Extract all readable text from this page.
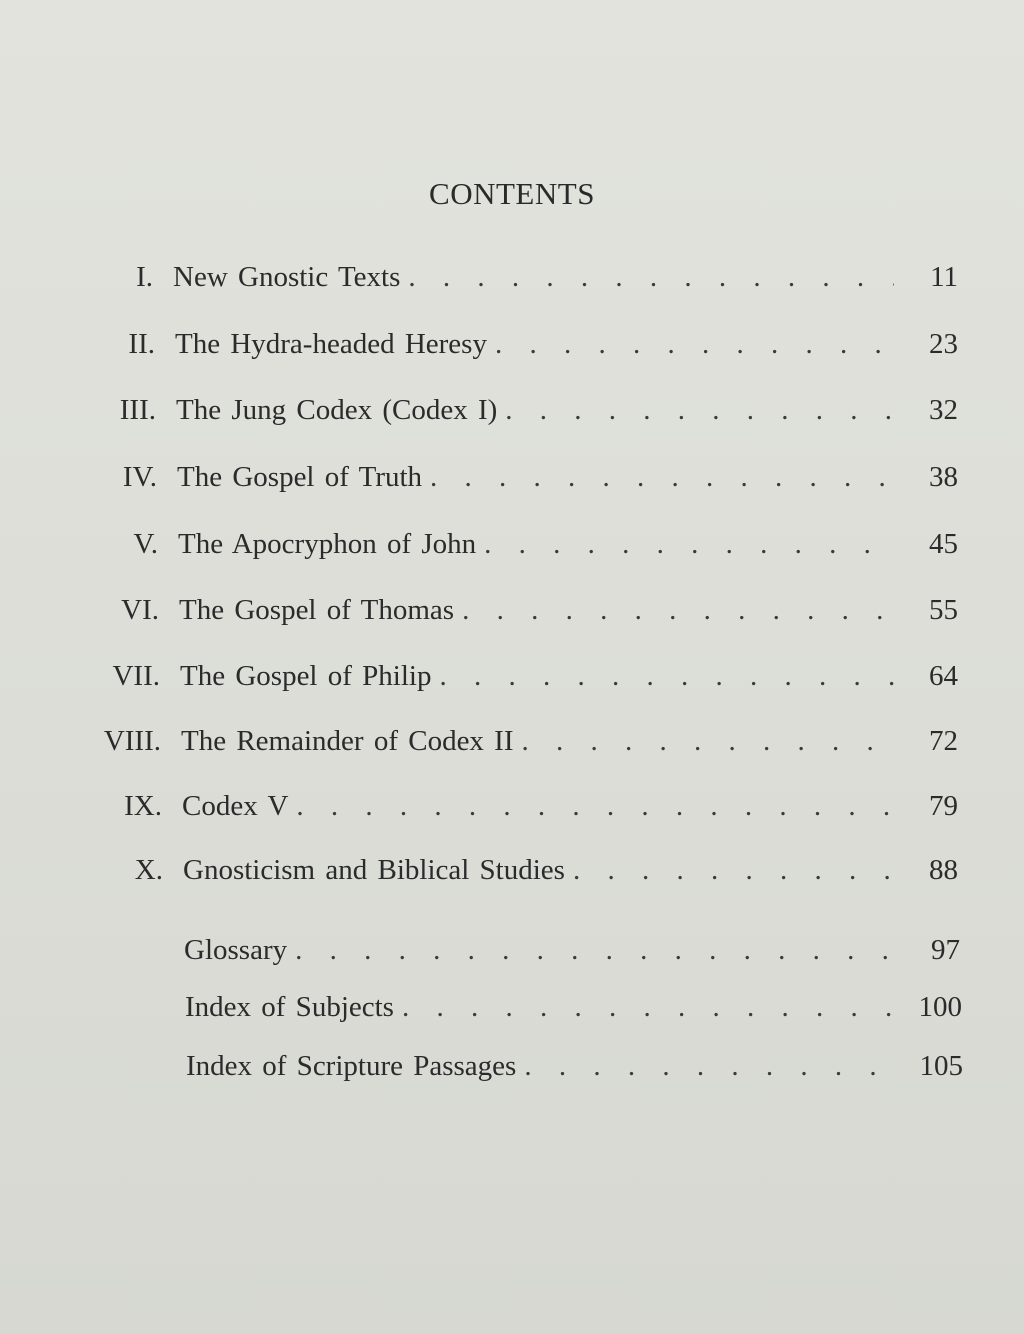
CONTENTS
I. New Gnostic Texts . . .	11
II. The Hydra-headed Heresy . . .	23
III. The Jung Codex (Codex I) . . .	32
IV. The Gospel of Truth . . .	38
V. The Apocryphon of John . . .	45
VI. The Gospel of Thomas . . .	55
VII. The Gospel of Philip . . .	64
VIII. The Remainder of Codex II . . .	72
IX. Codex V . . .	79
X. Gnosticism and Biblical Studies . . .	88
Glossary . . .	97
Index of Subjects . . .	100
Index of Scripture Passages . . .	105
